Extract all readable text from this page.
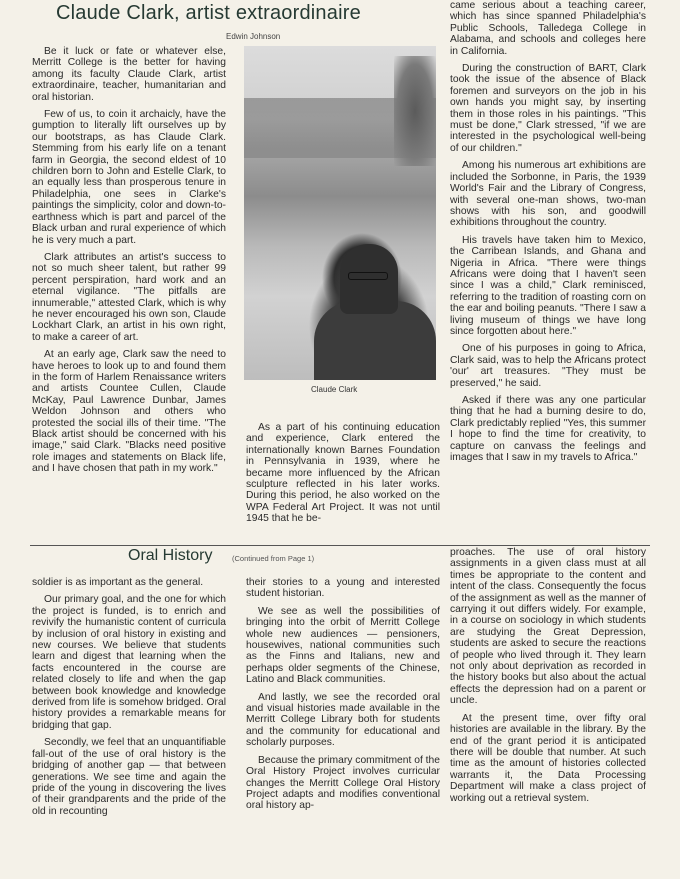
Claude Clark, artist extraordinaire
Edwin Johnson

Be it luck or fate or whatever else, Merritt College is the better for having among its faculty Claude Clark, artist extraordinaire, teacher, humanitarian and oral historian.

Few of us, to coin it archaicly, have the gumption to literally lift ourselves up by our bootstraps, as has Claude Clark. Stemming from his early life on a tenant farm in Georgia, the second eldest of 10 children born to John and Estelle Clark, to an equally less than prosperous tenure in Philadelphia, one sees in Clarke's paintings the simplicity, color and down-to-earthness which is part and parcel of the Black urban and rural experience of which he is very much a part.

Clark attributes an artist's success to not so much sheer talent, but rather 99 percent perspiration, hard work and an eternal vigilance. "The pitfalls are innumerable," attested Clark, which is why he never encouraged his own son, Claude Lockhart Clark, an artist in his own right, to make a career of art.

At an early age, Clark saw the need to have heroes to look up to and found them in the form of Harlem Renaissance writers and artists Countee Cullen, Claude McKay, Paul Lawrence Dunbar, James Weldon Johnson and others who protested the social ills of their time. "The Black artist should be concerned with his image," said Clark. "Blacks need positive role images and statements on Black life, and I have chosen that path in my work."

Claude Clark

As a part of his continuing education and experience, Clark entered the internationally known Barnes Foundation in Pennsylvania in 1939, where he became more influenced by the African sculpture reflected in his later works. During this period, he also worked on the WPA Federal Art Project. It was not until 1945 that he be-

came serious about a teaching career, which has since spanned Philadelphia's Public Schools, Talledega College in Alabama, and schools and colleges here in California.

During the construction of BART, Clark took the issue of the absence of Black foremen and surveyors on the job in his own hands you might say, by inserting them in those roles in his paintings. "This must be done," Clark stressed, "if we are interested in the psychological well-being of our children."

Among his numerous art exhibitions are included the Sorbonne, in Paris, the 1939 World's Fair and the Library of Congress, with several one-man shows, two-man shows with his son, and goodwill exhibitions throughout the country.

His travels have taken him to Mexico, the Carribean Islands, and Ghana and Nigeria in Africa. "There were things Africans were doing that I haven't seen since I was a child," Clark reminisced, referring to the tradition of roasting corn on the ear and boiling peanuts. "There I saw a living museum of things we have long since forgotten about here."

One of his purposes in going to Africa, Clark said, was to help the Africans protect 'our' art treasures. "They must be preserved," he said.

Asked if there was any one particular thing that he had a burning desire to do, Clark predictably replied "Yes, this summer I hope to find the time for creativity, to capture on canvass the feelings and images that I saw in my travels to Africa."

Oral History	(Continued from Page 1)

soldier is as important as the general.

Our primary goal, and the one for which the project is funded, is to enrich and revivify the humanistic content of curricula by inclusion of oral history in existing and new courses. We believe that students learn and digest that learning when the facts encountered in the course are related closely to life and when the gap between book knowledge and knowledge derived from life is somehow bridged. Oral history provides a remarkable means for bridging that gap.

Secondly, we feel that an unquantifiable fall-out of the use of oral history is the bridging of another gap — that between generations. We see time and again the pride of the young in discovering the lives of their grandparents and the pride of the old in recounting

their stories to a young and interested student historian.

We see as well the possibilities of bringing into the orbit of Merritt College whole new audiences — pensioners, housewives, national communities such as the Finns and Italians, new and perhaps older segments of the Chinese, Latino and Black communities.

And lastly, we see the recorded oral and visual histories made available in the Merritt College Library both for students and the community for educational and scholarly purposes.

Because the primary commitment of the Oral History Project involves curricular changes the Merritt College Oral History Project adapts and modifies conventional oral history ap-

proaches. The use of oral history assignments in a given class must at all times be appropriate to the content and intent of the class. Consequently the focus of the assignment as well as the manner of carrying it out differs widely. For example, in a course on sociology in which students are studying the Great Depression, students are asked to secure the reactions of people who lived through it. They learn not only about deprivation as recorded in the history books but also about the actual effects the depression had on a parent or uncle.

At the present time, over fifty oral histories are available in the library. By the end of the grant period it is anticipated there will be double that number. At such time as the amount of histories collected warrants it, the Data Processing Department will make a class project of working out a retrieval system.
